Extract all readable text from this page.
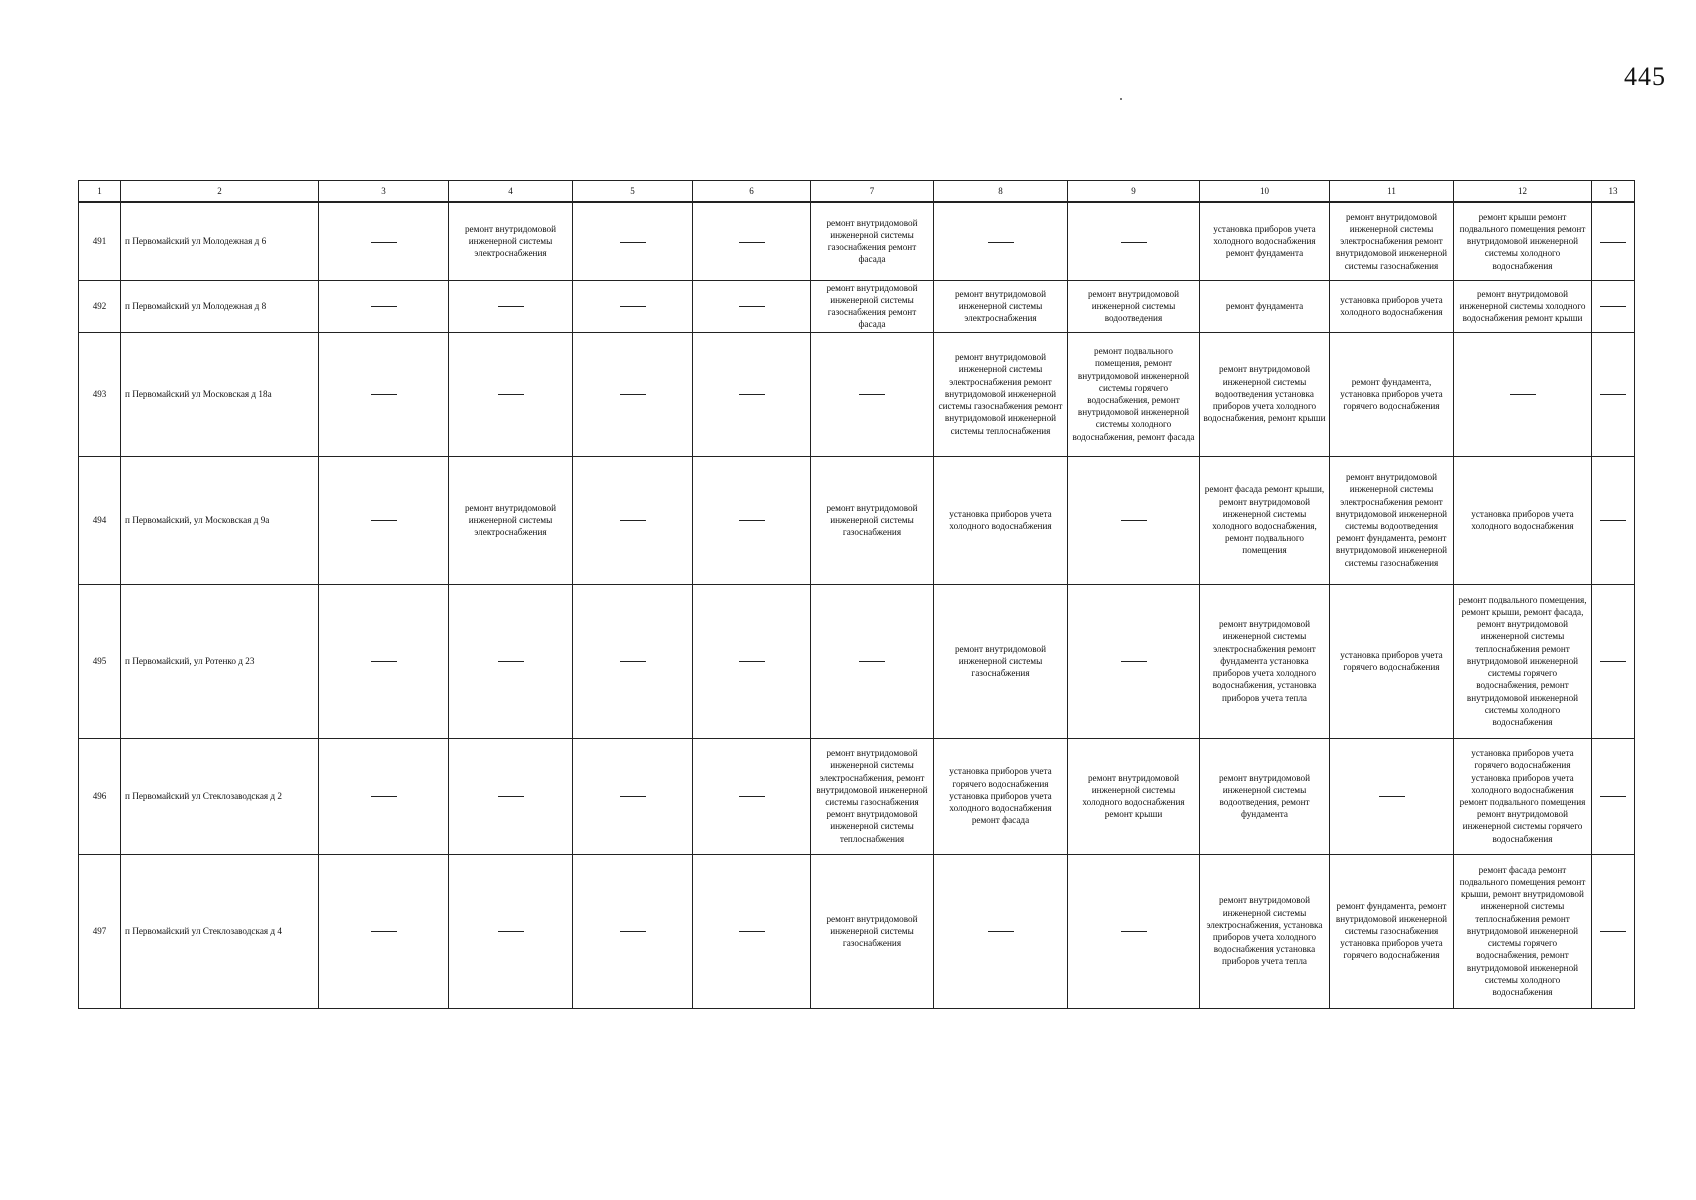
445
1	2	3	4	5	6	7	8	9	10	11	12	13
491	п Первомайский ул Молодежная д 6		ремонт внутридомовой инженерной системы электроснабжения			ремонт внутридомовой инженерной системы газоснабжения ремонт фасада			установка приборов учета холодного водоснабжения ремонт фундамента	ремонт внутридомовой инженерной системы электроснабжения ремонт внутридомовой инженерной системы газоснабжения	ремонт крыши ремонт подвального помещения ремонт внутридомовой инженерной системы холодного водоснабжения	
492	п Первомайский ул Молодежная д 8					ремонт внутридомовой инженерной системы газоснабжения ремонт фасада	ремонт внутридомовой инженерной системы электроснабжения	ремонт внутридомовой инженерной системы водоотведения	ремонт фундамента	установка приборов учета холодного водоснабжения	ремонт внутридомовой инженерной системы холодного водоснабжения ремонт крыши	
493	п Первомайский ул Московская д 18а						ремонт внутридомовой инженерной системы электроснабжения ремонт внутридомовой инженерной системы газоснабжения ремонт внутридомовой инженерной системы теплоснабжения	ремонт подвального помещения, ремонт внутридомовой инженерной системы горячего водоснабжения, ремонт внутридомовой инженерной системы холодного водоснабжения, ремонт фасада	ремонт внутридомовой инженерной системы водоотведения установка приборов учета холодного водоснабжения, ремонт крыши	ремонт фундамента, установка приборов учета горячего водоснабжения		
494	п Первомайский, ул Московская д 9а		ремонт внутридомовой инженерной системы электроснабжения			ремонт внутридомовой инженерной системы газоснабжения	установка приборов учета холодного водоснабжения		ремонт фасада ремонт крыши, ремонт внутридомовой инженерной системы холодного водоснабжения, ремонт подвального помещения	ремонт внутридомовой инженерной системы электроснабжения ремонт внутридомовой инженерной системы водоотведения ремонт фундамента, ремонт внутридомовой инженерной системы газоснабжения	установка приборов учета холодного водоснабжения	
495	п Первомайский, ул Ротенко д 23						ремонт внутридомовой инженерной системы газоснабжения		ремонт внутридомовой инженерной системы электроснабжения ремонт фундамента установка приборов учета холодного водоснабжения, установка приборов учета тепла	установка приборов учета горячего водоснабжения	ремонт подвального помещения, ремонт крыши, ремонт фасада, ремонт внутридомовой инженерной системы теплоснабжения ремонт внутридомовой инженерной системы горячего водоснабжения, ремонт внутридомовой инженерной системы холодного водоснабжения	
496	п Первомайский ул Стеклозаводская д 2					ремонт внутридомовой инженерной системы электроснабжения, ремонт внутридомовой инженерной системы газоснабжения ремонт внутридомовой инженерной системы теплоснабжения	установка приборов учета горячего водоснабжения установка приборов учета холодного водоснабжения ремонт фасада	ремонт внутридомовой инженерной системы холодного водоснабжения ремонт крыши	ремонт внутридомовой инженерной системы водоотведения, ремонт фундамента		установка приборов учета горячего водоснабжения установка приборов учета холодного водоснабжения ремонт подвального помещения ремонт внутридомовой инженерной системы горячего водоснабжения	
497	п Первомайский ул Стеклозаводская д 4					ремонт внутридомовой инженерной системы газоснабжения			ремонт внутридомовой инженерной системы электроснабжения, установка приборов учета холодного водоснабжения установка приборов учета тепла	ремонт фундамента, ремонт внутридомовой инженерной системы газоснабжения установка приборов учета горячего водоснабжения	ремонт фасада ремонт подвального помещения ремонт крыши, ремонт внутридомовой инженерной системы теплоснабжения ремонт внутридомовой инженерной системы горячего водоснабжения, ремонт внутридомовой инженерной системы холодного водоснабжения	
